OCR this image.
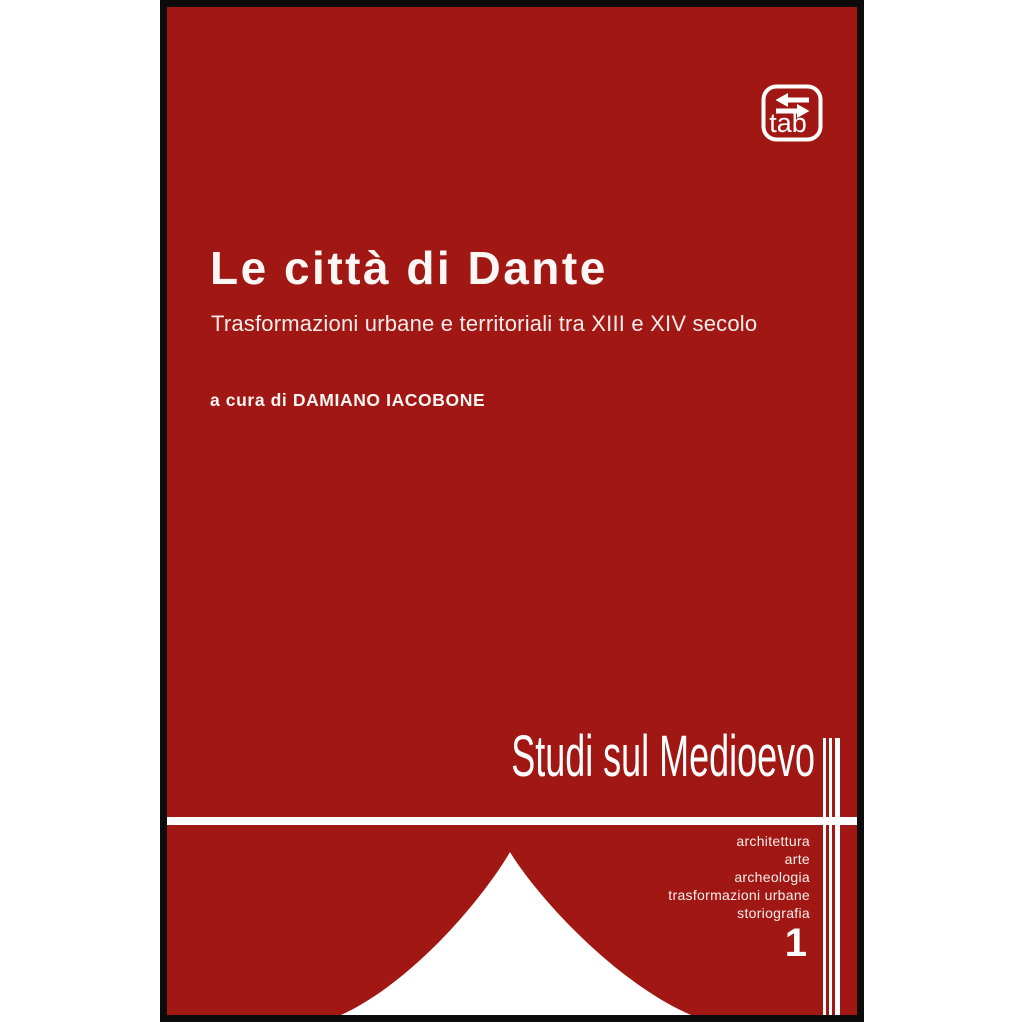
tab
Le città di Dante
Trasformazioni urbane e territoriali tra XIII e XIV secolo
a cura di DAMIANO IACOBONE
Studi sul Medioevo
architettura
arte
archeologia
trasformazioni urbane
storiografia
1
